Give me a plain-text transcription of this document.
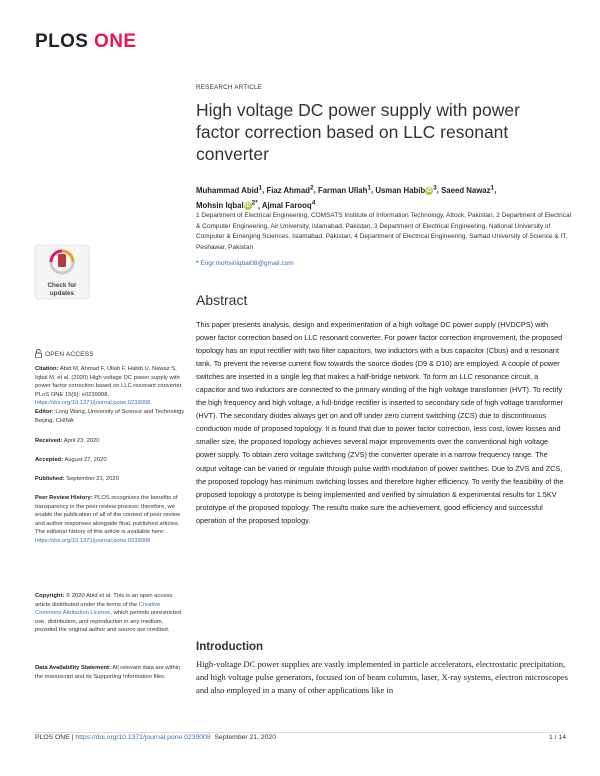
PLOS ONE
RESEARCH ARTICLE
High voltage DC power supply with power factor correction based on LLC resonant converter
Muhammad Abid$^1$, Fiaz Ahmad$^2$, Farman Ullah$^1$, Usman HabibiD$^3$, Saeed Nawaz$^1$,
Mohsin IqbaliD$^{2*}$, Ajmal Farooq$^4$
1 Department of Electrical Engineering, COMSATS Institute of Information Technology, Attock, Pakistan, 2 Department of Electrical & Computer Engineering, Air University, Islamabad, Pakistan, 3 Department of Electrical Engineering, National University of Computer & Emerging Sciences, Islamabad, Pakistan, 4 Department of Electrical Engineering, Sarhad University of Science & IT, Peshawar, Pakistan
* Engr.mohsiniqbal08@gmail.com
Abstract
This paper presents analysis, design and experimentation of a high voltage DC power supply (HVDCPS) with power factor correction based on LLC resonant converter. For power factor correction improvement, the proposed topology has an input rectifier with two filter capacitors, two inductors with a bus capacitor (Cbus) and a resonant tank. To prevent the reverse current flow towards the source diodes (D9 & D10) are employed. A couple of power switches are inserted in a single leg that makes a half-bridge network. To form an LLC resonance circuit, a capacitor and two inductors are connected to the primary winding of the high voltage transformer (HVT). To rectify the high frequency and high voltage, a full-bridge rectifier is inserted to secondary side of high voltage transformer (HVT). The secondary diodes always get on and off under zero current switching (ZCS) due to discontinuous conduction mode of proposed topology. It is found that due to power factor correction, less cost, lower losses and smaller size, the proposed topology achieves several major improvements over the conventional high voltage power supply. To obtain zero voltage switching (ZVS) the converter operate in a narrow frequency range. The output voltage can be varied or regulate through pulse width modulation of power switches. Due to ZVS and ZCS, the proposed topology has minimum switching losses and therefore higher efficiency. To verify the feasibility of the proposed topology a prototype is being implemented and verified by simulation & experimental results for 1.5KV prototype of the proposed topology. The results make sure the achievement, good efficiency and successful operation of the proposed topology.
Introduction
High-voltage DC power supplies are vastly implemented in particle accelerators, electrostatic precipitation, and high voltage pulse generators, focused ion of beam columns, laser, X-ray systems, electron microscopes and also employed in a many of other applications like in
Check for
updates
OPEN ACCESS
Citation: Abid M, Ahmad F, Ullah F, Habib U, Nawaz S, Iqbal M, et al. (2020) High voltage DC power supply with power factor correction based on LLC resonant converter. PLoS ONE 15(9): e0239008. https://doi.org/10.1371/journal.pone.0239008
Editor: Long Wang, University of Science and Technology Beijing, CHINA
Received: April 23, 2020
Accepted: August 27, 2020
Published: September 21, 2020
Peer Review History: PLOS recognizes the benefits of transparency in the peer review process; therefore, we enable the publication of all of the content of peer review and author responses alongside final, published articles. The editorial history of this article is available here: https://doi.org/10.1371/journal.pone.0239008
Copyright: © 2020 Abid et al. This is an open access article distributed under the terms of the Creative Commons Attribution License, which permits unrestricted use, distribution, and reproduction in any medium, provided the original author and source are credited.
Data Availability Statement: All relevant data are within the manuscript and its Supporting Information files.
PLOS ONE | https://doi.org/10.1371/journal.pone.0239008 September 21, 2020	1 / 14
